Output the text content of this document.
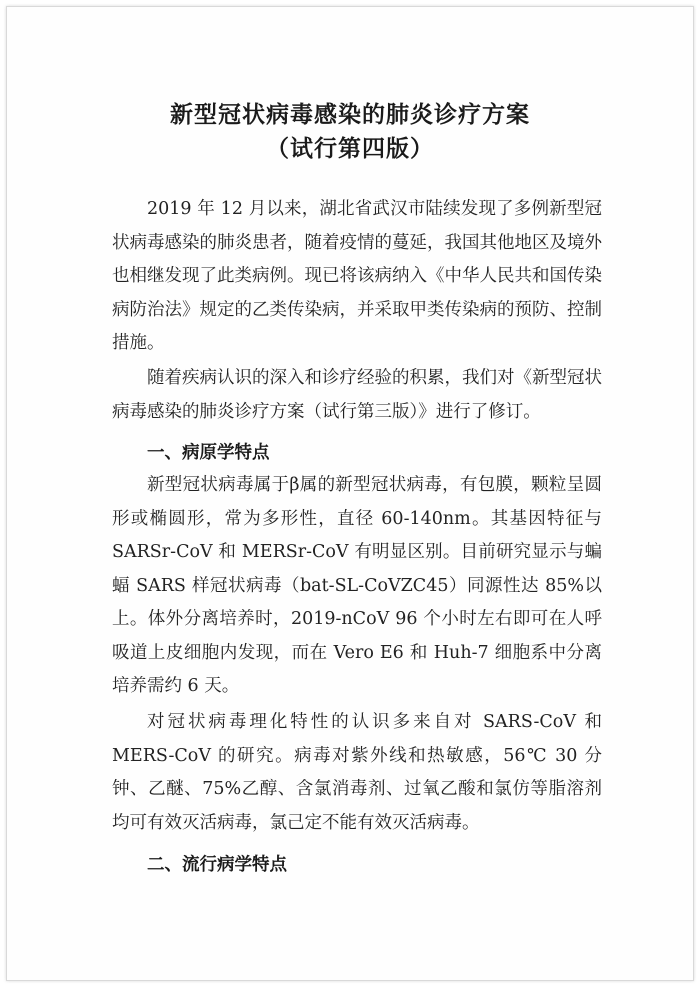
新型冠状病毒感染的肺炎诊疗方案
（试行第四版）

2019 年 12 月以来，湖北省武汉市陆续发现了多例新型冠状病毒感染的肺炎患者，随着疫情的蔓延，我国其他地区及境外也相继发现了此类病例。现已将该病纳入《中华人民共和国传染病防治法》规定的乙类传染病，并采取甲类传染病的预防、控制措施。

随着疾病认识的深入和诊疗经验的积累，我们对《新型冠状病毒感染的肺炎诊疗方案（试行第三版）》进行了修订。

一、病原学特点

新型冠状病毒属于β属的新型冠状病毒，有包膜，颗粒呈圆形或椭圆形，常为多形性，直径 60-140nm。其基因特征与 SARSr-CoV 和 MERSr-CoV 有明显区别。目前研究显示与蝙蝠 SARS 样冠状病毒（bat-SL-CoVZC45）同源性达 85%以上。体外分离培养时，2019-nCoV 96 个小时左右即可在人呼吸道上皮细胞内发现，而在 Vero E6 和 Huh-7 细胞系中分离培养需约 6 天。

对冠状病毒理化特性的认识多来自对 SARS-CoV 和 MERS-CoV 的研究。病毒对紫外线和热敏感，56℃ 30 分钟、乙醚、75%乙醇、含氯消毒剂、过氧乙酸和氯仿等脂溶剂均可有效灭活病毒，氯己定不能有效灭活病毒。

二、流行病学特点
